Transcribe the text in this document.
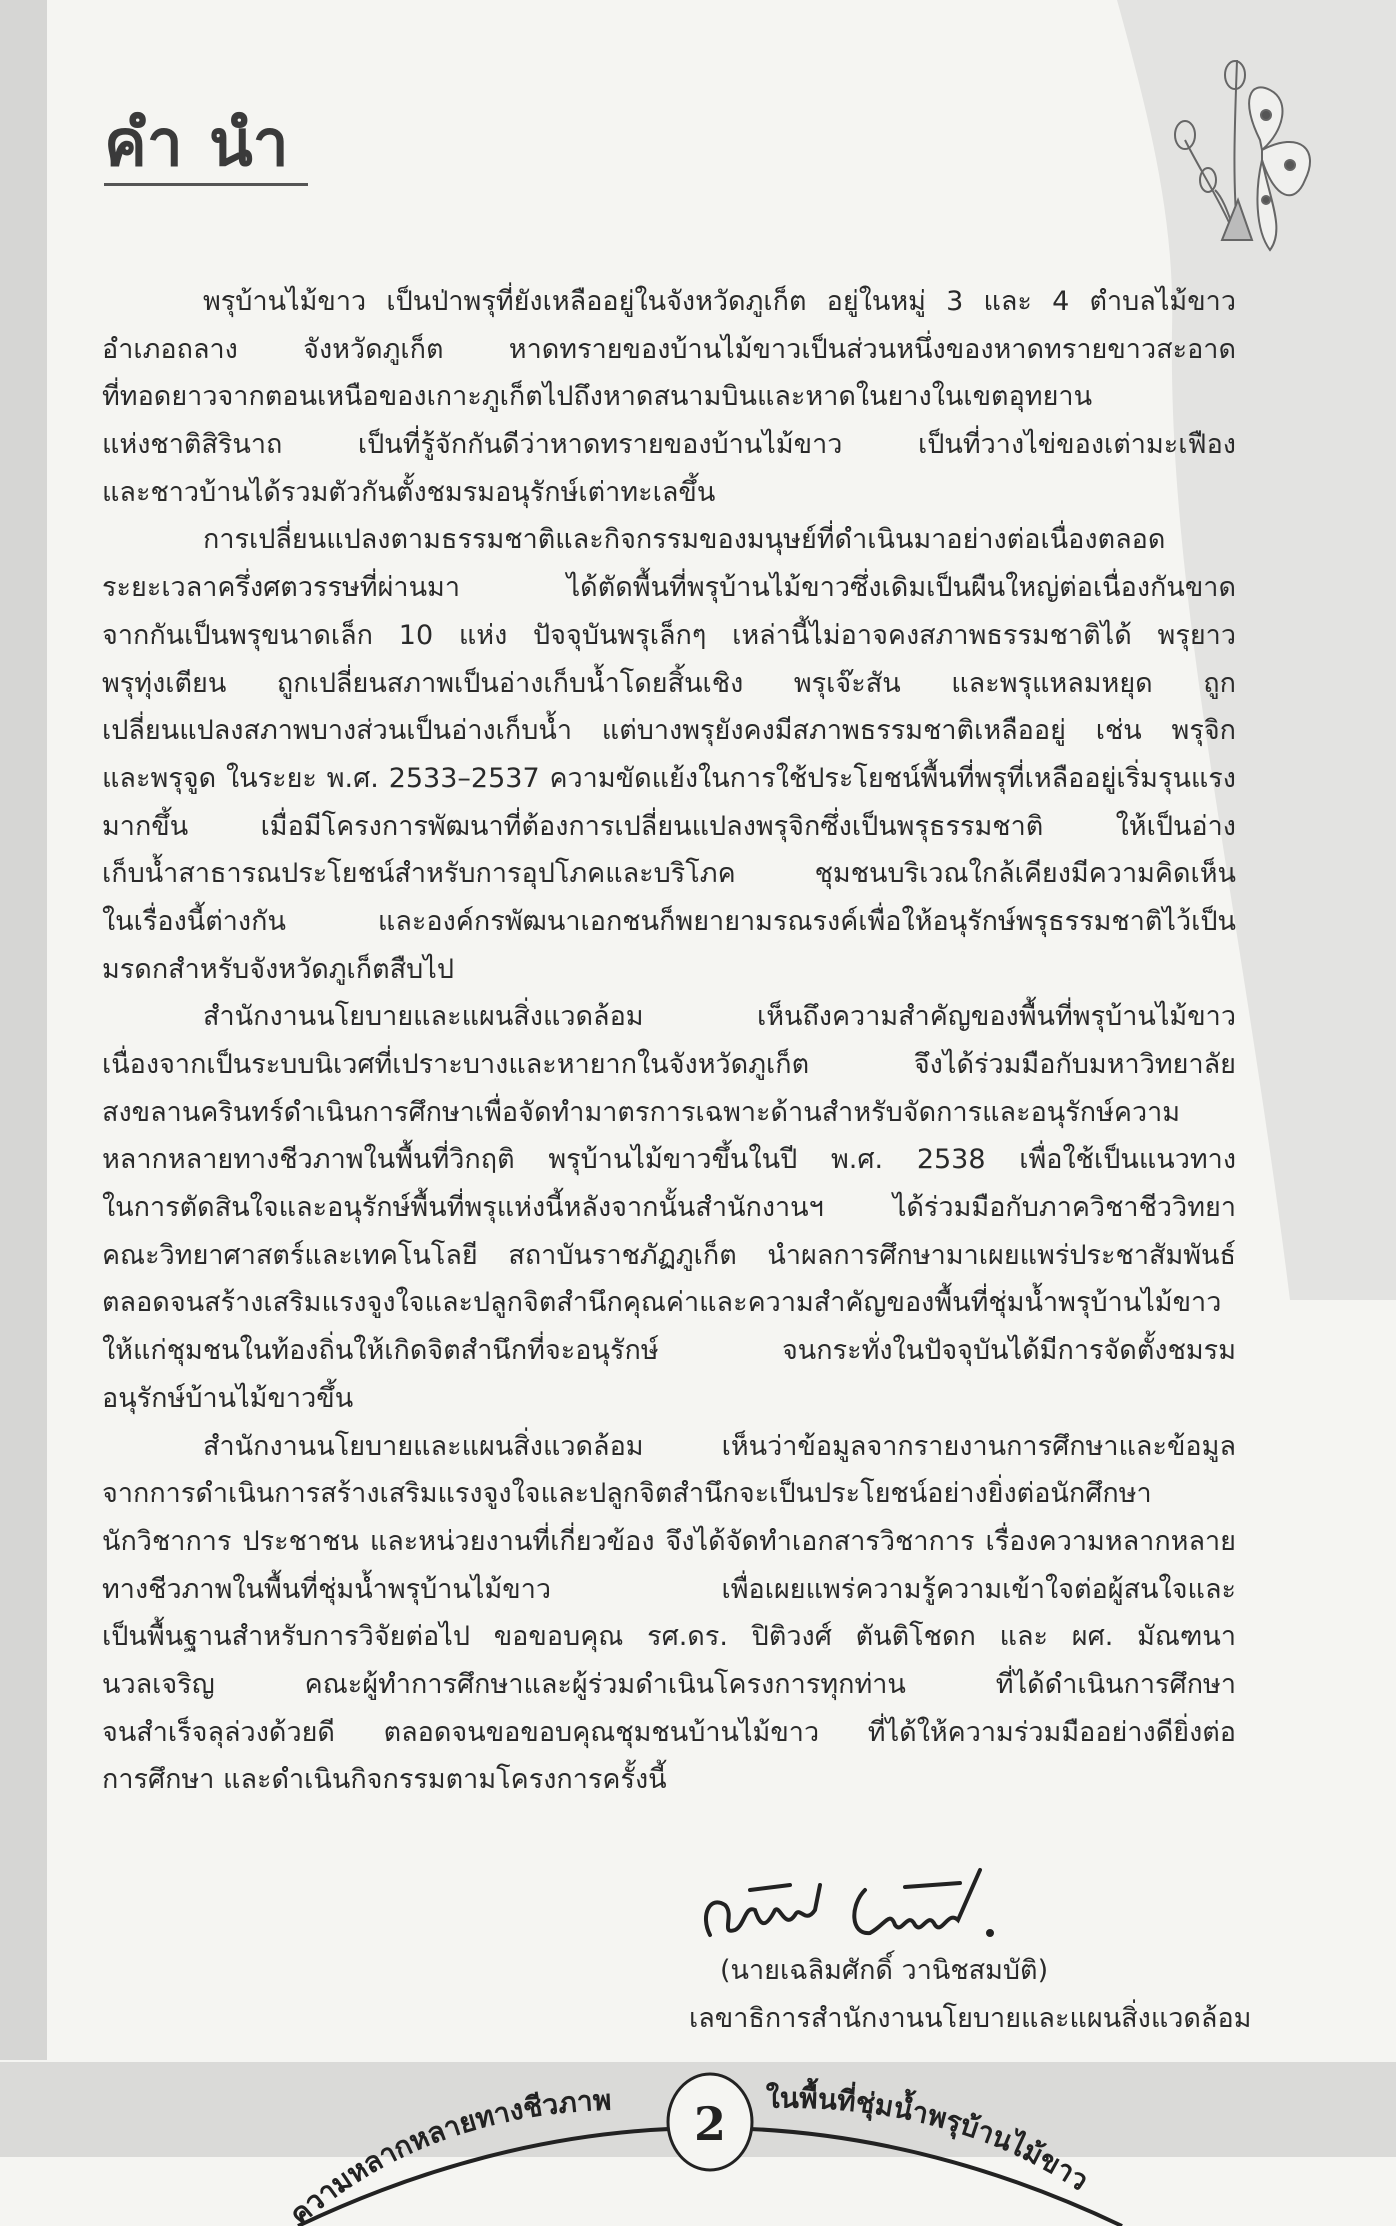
คำ นำ
พรุบ้านไม้ขาว เป็นป่าพรุที่ยังเหลืออยู่ในจังหวัดภูเก็ต อยู่ในหมู่ 3 และ 4 ตำบลไม้ขาว
อำเภอถลาง จังหวัดภูเก็ต หาดทรายของบ้านไม้ขาวเป็นส่วนหนึ่งของหาดทรายขาวสะอาด
ที่ทอดยาวจากตอนเหนือของเกาะภูเก็ตไปถึงหาดสนามบินและหาดในยางในเขตอุทยาน
แห่งชาติสิรินาถ เป็นที่รู้จักกันดีว่าหาดทรายของบ้านไม้ขาว เป็นที่วางไข่ของเต่ามะเฟือง
และชาวบ้านได้รวมตัวกันตั้งชมรมอนุรักษ์เต่าทะเลขึ้น
การเปลี่ยนแปลงตามธรรมชาติและกิจกรรมของมนุษย์ที่ดำเนินมาอย่างต่อเนื่องตลอด
ระยะเวลาครึ่งศตวรรษที่ผ่านมา ได้ตัดพื้นที่พรุบ้านไม้ขาวซึ่งเดิมเป็นผืนใหญ่ต่อเนื่องกันขาด
จากกันเป็นพรุขนาดเล็ก 10 แห่ง ปัจจุบันพรุเล็กๆ เหล่านี้ไม่อาจคงสภาพธรรมชาติได้ พรุยาว
พรุทุ่งเตียน ถูกเปลี่ยนสภาพเป็นอ่างเก็บน้ำโดยสิ้นเชิง พรุเจ๊ะสัน และพรุแหลมหยุด ถูก
เปลี่ยนแปลงสภาพบางส่วนเป็นอ่างเก็บน้ำ แต่บางพรุยังคงมีสภาพธรรมชาติเหลืออยู่ เช่น พรุจิก
และพรุจูด ในระยะ พ.ศ. 2533–2537 ความขัดแย้งในการใช้ประโยชน์พื้นที่พรุที่เหลืออยู่เริ่มรุนแรง
มากขึ้น เมื่อมีโครงการพัฒนาที่ต้องการเปลี่ยนแปลงพรุจิกซึ่งเป็นพรุธรรมชาติ ให้เป็นอ่าง
เก็บน้ำสาธารณประโยชน์สำหรับการอุปโภคและบริโภค ชุมชนบริเวณใกล้เคียงมีความคิดเห็น
ในเรื่องนี้ต่างกัน และองค์กรพัฒนาเอกชนก็พยายามรณรงค์เพื่อให้อนุรักษ์พรุธรรมชาติไว้เป็น
มรดกสำหรับจังหวัดภูเก็ตสืบไป
สำนักงานนโยบายและแผนสิ่งแวดล้อม เห็นถึงความสำคัญของพื้นที่พรุบ้านไม้ขาว
เนื่องจากเป็นระบบนิเวศที่เปราะบางและหายากในจังหวัดภูเก็ต จึงได้ร่วมมือกับมหาวิทยาลัย
สงขลานครินทร์ดำเนินการศึกษาเพื่อจัดทำมาตรการเฉพาะด้านสำหรับจัดการและอนุรักษ์ความ
หลากหลายทางชีวภาพในพื้นที่วิกฤติ พรุบ้านไม้ขาวขึ้นในปี พ.ศ. 2538 เพื่อใช้เป็นแนวทาง
ในการตัดสินใจและอนุรักษ์พื้นที่พรุแห่งนี้หลังจากนั้นสำนักงานฯ ได้ร่วมมือกับภาควิชาชีววิทยา
คณะวิทยาศาสตร์และเทคโนโลยี สถาบันราชภัฏภูเก็ต นำผลการศึกษามาเผยแพร่ประชาสัมพันธ์
ตลอดจนสร้างเสริมแรงจูงใจและปลูกจิตสำนึกคุณค่าและความสำคัญของพื้นที่ชุ่มน้ำพรุบ้านไม้ขาว
ให้แก่ชุมชนในท้องถิ่นให้เกิดจิตสำนึกที่จะอนุรักษ์ จนกระทั่งในปัจจุบันได้มีการจัดตั้งชมรม
อนุรักษ์บ้านไม้ขาวขึ้น
สำนักงานนโยบายและแผนสิ่งแวดล้อม เห็นว่าข้อมูลจากรายงานการศึกษาและข้อมูล
จากการดำเนินการสร้างเสริมแรงจูงใจและปลูกจิตสำนึกจะเป็นประโยชน์อย่างยิ่งต่อนักศึกษา
นักวิชาการ ประชาชน และหน่วยงานที่เกี่ยวข้อง จึงได้จัดทำเอกสารวิชาการ เรื่องความหลากหลาย
ทางชีวภาพในพื้นที่ชุ่มน้ำพรุบ้านไม้ขาว เพื่อเผยแพร่ความรู้ความเข้าใจต่อผู้สนใจและ
เป็นพื้นฐานสำหรับการวิจัยต่อไป ขอขอบคุณ รศ.ดร. ปิติวงศ์ ตันติโชดก และ ผศ. มัณฑนา
นวลเจริญ คณะผู้ทำการศึกษาและผู้ร่วมดำเนินโครงการทุกท่าน ที่ได้ดำเนินการศึกษา
จนสำเร็จลุล่วงด้วยดี ตลอดจนขอขอบคุณชุมชนบ้านไม้ขาว ที่ได้ให้ความร่วมมืออย่างดียิ่งต่อ
การศึกษา และดำเนินกิจกรรมตามโครงการครั้งนี้
(นายเฉลิมศักดิ์ วานิชสมบัติ)
เลขาธิการสำนักงานนโยบายและแผนสิ่งแวดล้อม
ความหลากหลายทางชีวภาพ	ในพื้นที่ชุ่มน้ำพรุบ้านไม้ขาว
2
